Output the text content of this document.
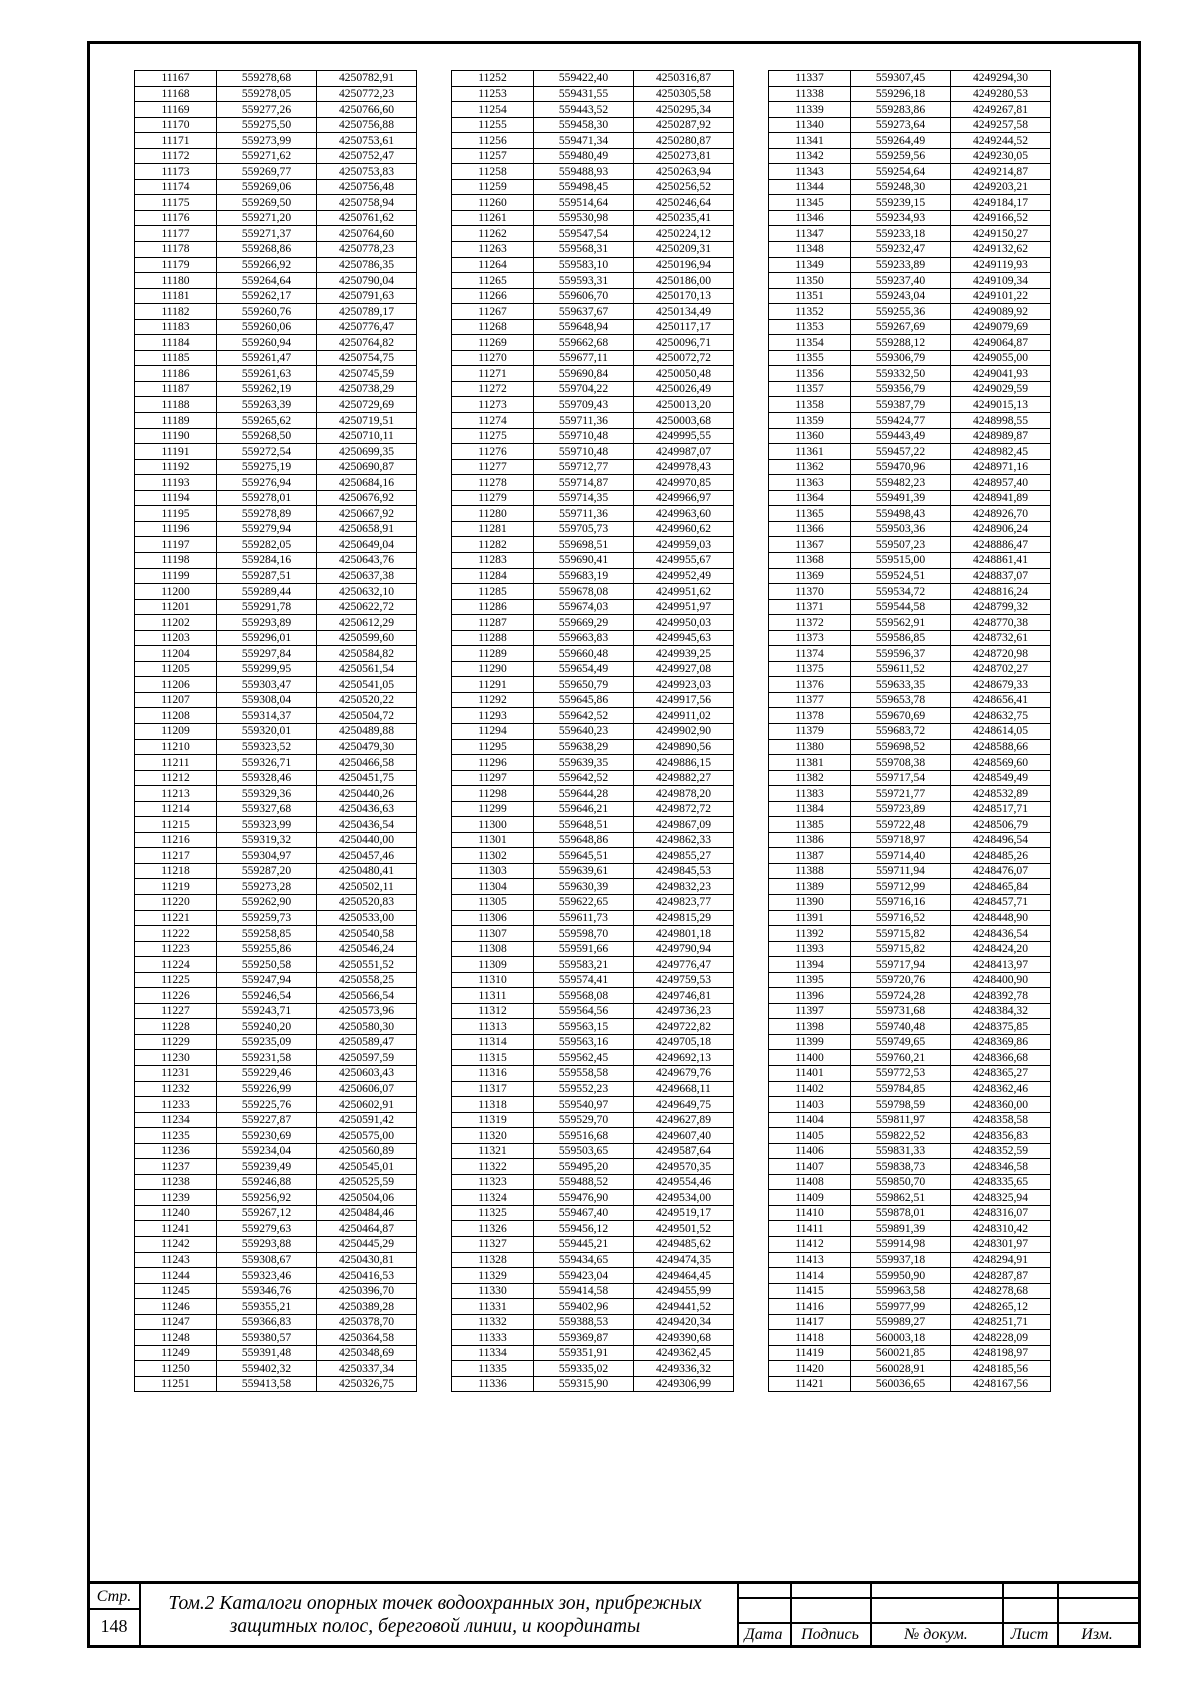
11167	559278,68	4250782,91
11168	559278,05	4250772,23
11169	559277,26	4250766,60
11170	559275,50	4250756,88
11171	559273,99	4250753,61
11172	559271,62	4250752,47
11173	559269,77	4250753,83
11174	559269,06	4250756,48
11175	559269,50	4250758,94
11176	559271,20	4250761,62
11177	559271,37	4250764,60
11178	559268,86	4250778,23
11179	559266,92	4250786,35
11180	559264,64	4250790,04
11181	559262,17	4250791,63
11182	559260,76	4250789,17
11183	559260,06	4250776,47
11184	559260,94	4250764,82
11185	559261,47	4250754,75
11186	559261,63	4250745,59
11187	559262,19	4250738,29
11188	559263,39	4250729,69
11189	559265,62	4250719,51
11190	559268,50	4250710,11
11191	559272,54	4250699,35
11192	559275,19	4250690,87
11193	559276,94	4250684,16
11194	559278,01	4250676,92
11195	559278,89	4250667,92
11196	559279,94	4250658,91
11197	559282,05	4250649,04
11198	559284,16	4250643,76
11199	559287,51	4250637,38
11200	559289,44	4250632,10
11201	559291,78	4250622,72
11202	559293,89	4250612,29
11203	559296,01	4250599,60
11204	559297,84	4250584,82
11205	559299,95	4250561,54
11206	559303,47	4250541,05
11207	559308,04	4250520,22
11208	559314,37	4250504,72
11209	559320,01	4250489,88
11210	559323,52	4250479,30
11211	559326,71	4250466,58
11212	559328,46	4250451,75
11213	559329,36	4250440,26
11214	559327,68	4250436,63
11215	559323,99	4250436,54
11216	559319,32	4250440,00
11217	559304,97	4250457,46
11218	559287,20	4250480,41
11219	559273,28	4250502,11
11220	559262,90	4250520,83
11221	559259,73	4250533,00
11222	559258,85	4250540,58
11223	559255,86	4250546,24
11224	559250,58	4250551,52
11225	559247,94	4250558,25
11226	559246,54	4250566,54
11227	559243,71	4250573,96
11228	559240,20	4250580,30
11229	559235,09	4250589,47
11230	559231,58	4250597,59
11231	559229,46	4250603,43
11232	559226,99	4250606,07
11233	559225,76	4250602,91
11234	559227,87	4250591,42
11235	559230,69	4250575,00
11236	559234,04	4250560,89
11237	559239,49	4250545,01
11238	559246,88	4250525,59
11239	559256,92	4250504,06
11240	559267,12	4250484,46
11241	559279,63	4250464,87
11242	559293,88	4250445,29
11243	559308,67	4250430,81
11244	559323,46	4250416,53
11245	559346,76	4250396,70
11246	559355,21	4250389,28
11247	559366,83	4250378,70
11248	559380,57	4250364,58
11249	559391,48	4250348,69
11250	559402,32	4250337,34
11251	559413,58	4250326,75
11252	559422,40	4250316,87
11253	559431,55	4250305,58
11254	559443,52	4250295,34
11255	559458,30	4250287,92
11256	559471,34	4250280,87
11257	559480,49	4250273,81
11258	559488,93	4250263,94
11259	559498,45	4250256,52
11260	559514,64	4250246,64
11261	559530,98	4250235,41
11262	559547,54	4250224,12
11263	559568,31	4250209,31
11264	559583,10	4250196,94
11265	559593,31	4250186,00
11266	559606,70	4250170,13
11267	559637,67	4250134,49
11268	559648,94	4250117,17
11269	559662,68	4250096,71
11270	559677,11	4250072,72
11271	559690,84	4250050,48
11272	559704,22	4250026,49
11273	559709,43	4250013,20
11274	559711,36	4250003,68
11275	559710,48	4249995,55
11276	559710,48	4249987,07
11277	559712,77	4249978,43
11278	559714,87	4249970,85
11279	559714,35	4249966,97
11280	559711,36	4249963,60
11281	559705,73	4249960,62
11282	559698,51	4249959,03
11283	559690,41	4249955,67
11284	559683,19	4249952,49
11285	559678,08	4249951,62
11286	559674,03	4249951,97
11287	559669,29	4249950,03
11288	559663,83	4249945,63
11289	559660,48	4249939,25
11290	559654,49	4249927,08
11291	559650,79	4249923,03
11292	559645,86	4249917,56
11293	559642,52	4249911,02
11294	559640,23	4249902,90
11295	559638,29	4249890,56
11296	559639,35	4249886,15
11297	559642,52	4249882,27
11298	559644,28	4249878,20
11299	559646,21	4249872,72
11300	559648,51	4249867,09
11301	559648,86	4249862,33
11302	559645,51	4249855,27
11303	559639,61	4249845,53
11304	559630,39	4249832,23
11305	559622,65	4249823,77
11306	559611,73	4249815,29
11307	559598,70	4249801,18
11308	559591,66	4249790,94
11309	559583,21	4249776,47
11310	559574,41	4249759,53
11311	559568,08	4249746,81
11312	559564,56	4249736,23
11313	559563,15	4249722,82
11314	559563,16	4249705,18
11315	559562,45	4249692,13
11316	559558,58	4249679,76
11317	559552,23	4249668,11
11318	559540,97	4249649,75
11319	559529,70	4249627,89
11320	559516,68	4249607,40
11321	559503,65	4249587,64
11322	559495,20	4249570,35
11323	559488,52	4249554,46
11324	559476,90	4249534,00
11325	559467,40	4249519,17
11326	559456,12	4249501,52
11327	559445,21	4249485,62
11328	559434,65	4249474,35
11329	559423,04	4249464,45
11330	559414,58	4249455,99
11331	559402,96	4249441,52
11332	559388,53	4249420,34
11333	559369,87	4249390,68
11334	559351,91	4249362,45
11335	559335,02	4249336,32
11336	559315,90	4249306,99
11337	559307,45	4249294,30
11338	559296,18	4249280,53
11339	559283,86	4249267,81
11340	559273,64	4249257,58
11341	559264,49	4249244,52
11342	559259,56	4249230,05
11343	559254,64	4249214,87
11344	559248,30	4249203,21
11345	559239,15	4249184,17
11346	559234,93	4249166,52
11347	559233,18	4249150,27
11348	559232,47	4249132,62
11349	559233,89	4249119,93
11350	559237,40	4249109,34
11351	559243,04	4249101,22
11352	559255,36	4249089,92
11353	559267,69	4249079,69
11354	559288,12	4249064,87
11355	559306,79	4249055,00
11356	559332,50	4249041,93
11357	559356,79	4249029,59
11358	559387,79	4249015,13
11359	559424,77	4248998,55
11360	559443,49	4248989,87
11361	559457,22	4248982,45
11362	559470,96	4248971,16
11363	559482,23	4248957,40
11364	559491,39	4248941,89
11365	559498,43	4248926,70
11366	559503,36	4248906,24
11367	559507,23	4248886,47
11368	559515,00	4248861,41
11369	559524,51	4248837,07
11370	559534,72	4248816,24
11371	559544,58	4248799,32
11372	559562,91	4248770,38
11373	559586,85	4248732,61
11374	559596,37	4248720,98
11375	559611,52	4248702,27
11376	559633,35	4248679,33
11377	559653,78	4248656,41
11378	559670,69	4248632,75
11379	559683,72	4248614,05
11380	559698,52	4248588,66
11381	559708,38	4248569,60
11382	559717,54	4248549,49
11383	559721,77	4248532,89
11384	559723,89	4248517,71
11385	559722,48	4248506,79
11386	559718,97	4248496,54
11387	559714,40	4248485,26
11388	559711,94	4248476,07
11389	559712,99	4248465,84
11390	559716,16	4248457,71
11391	559716,52	4248448,90
11392	559715,82	4248436,54
11393	559715,82	4248424,20
11394	559717,94	4248413,97
11395	559720,76	4248400,90
11396	559724,28	4248392,78
11397	559731,68	4248384,32
11398	559740,48	4248375,85
11399	559749,65	4248369,86
11400	559760,21	4248366,68
11401	559772,53	4248365,27
11402	559784,85	4248362,46
11403	559798,59	4248360,00
11404	559811,97	4248358,58
11405	559822,52	4248356,83
11406	559831,33	4248352,59
11407	559838,73	4248346,58
11408	559850,70	4248335,65
11409	559862,51	4248325,94
11410	559878,01	4248316,07
11411	559891,39	4248310,42
11412	559914,98	4248301,97
11413	559937,18	4248294,91
11414	559950,90	4248287,87
11415	559963,58	4248278,68
11416	559977,99	4248265,12
11417	559989,27	4248251,71
11418	560003,18	4248228,09
11419	560021,85	4248198,97
11420	560028,91	4248185,56
11421	560036,65	4248167,56
Стр.
148
Том.2 Каталоги опорных точек водоохранных зон, прибрежных защитных полос, береговой линии, и координаты	Дата	Подпись	№ докум.	Лист	Изм.
